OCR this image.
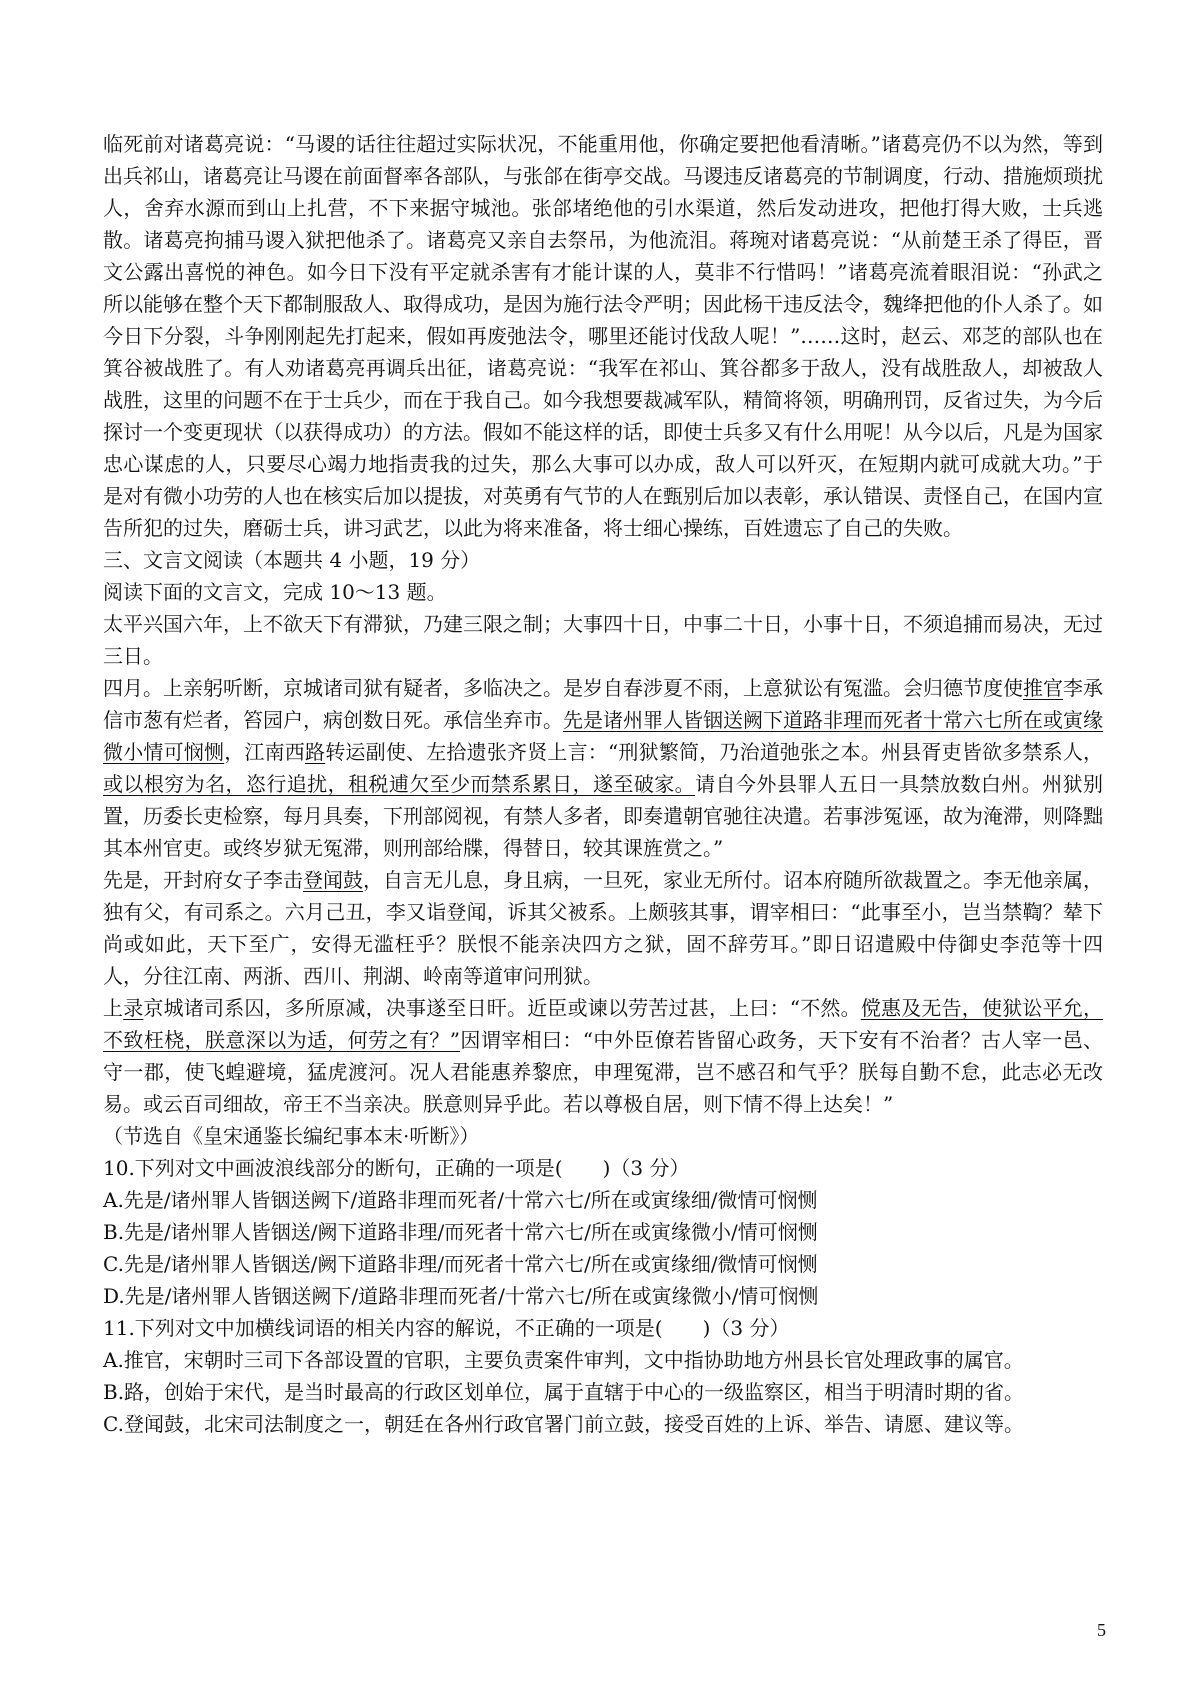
临死前对诸葛亮说：“马谡的话往往超过实际状况，不能重用他，你确定要把他看清晰。”诸葛亮仍不以为然，等到出兵祁山，诸葛亮让马谡在前面督率各部队，与张郃在街亭交战。马谡违反诸葛亮的节制调度，行动、措施烦琐扰人，舍弃水源而到山上扎营，不下来据守城池。张郃堵绝他的引水渠道，然后发动进攻，把他打得大败，士兵逃散。诸葛亮拘捕马谡入狱把他杀了。诸葛亮又亲自去祭吊，为他流泪。蒋琬对诸葛亮说：“从前楚王杀了得臣，晋文公露出喜悦的神色。如今日下没有平定就杀害有才能计谋的人，莫非不行惜吗！”诸葛亮流着眼泪说：“孙武之所以能够在整个天下都制服敌人、取得成功，是因为施行法令严明；因此杨干违反法令，魏绛把他的仆人杀了。如今日下分裂，斗争刚刚起先打起来，假如再废弛法令，哪里还能讨伐敌人呢！”……这时，赵云、邓芝的部队也在箕谷被战胜了。有人劝诸葛亮再调兵出征，诸葛亮说：“我军在祁山、箕谷都多于敌人，没有战胜敌人，却被敌人战胜，这里的问题不在于士兵少，而在于我自己。如今我想要裁减军队，精简将领，明确刑罚，反省过失，为今后探讨一个变更现状（以获得成功）的方法。假如不能这样的话，即使士兵多又有什么用呢！从今以后，凡是为国家忠心谋虑的人，只要尽心竭力地指责我的过失，那么大事可以办成，敌人可以歼灭，在短期内就可成就大功。”于是对有微小功劳的人也在核实后加以提拔，对英勇有气节的人在甄别后加以表彰，承认错误、责怪自己，在国内宣告所犯的过失，磨砺士兵，讲习武艺，以此为将来准备，将士细心操练，百姓遗忘了自己的失败。

三、文言文阅读（本题共 4 小题，19 分）

阅读下面的文言文，完成 10～13 题。

太平兴国六年，上不欲天下有滞狱，乃建三限之制；大事四十日，中事二十日，小事十日，不须追捕而易决，无过三日。

四月。上亲躬听断，京城诸司狱有疑者，多临决之。是岁自春涉夏不雨，上意狱讼有冤滥。会归德节度使推官李承信市葱有烂者，笞园户，病创数日死。承信坐弃市。先是诸州罪人皆铟送阙下道路非理而死者十常六七所在或寅缘微小情可悯恻，江南西路转运副使、左拾遗张齐贤上言：“刑狱繁简，乃治道弛张之本。州县胥吏皆欲多禁系人，或以根穷为名，恣行追扰，租税逋欠至少而禁系累日，遂至破家。请自今外县罪人五日一具禁放数白州。州狱别置，历委长吏检察，每月具奏，下刑部阅视，有禁人多者，即奏遣朝官驰往决遣。若事涉冤诬，故为淹滞，则降黜其本州官吏。或终岁狱无冤滞，则刑部给牒，得替日，较其课旌赏之。”

先是，开封府女子李击登闻鼓，自言无儿息，身且病，一旦死，家业无所付。诏本府随所欲裁置之。李无他亲属，独有父，有司系之。六月己丑，李又诣登闻，诉其父被系。上颇骇其事，谓宰相曰：“此事至小，岂当禁鞫？辇下尚或如此，天下至广，安得无滥枉乎？朕恨不能亲决四方之狱，固不辞劳耳。”即日诏遣殿中侍御史李范等十四人，分往江南、两浙、西川、荆湖、岭南等道审问刑狱。

上录京城诸司系囚，多所原减，决事遂至日旰。近臣或谏以劳苦过甚，上曰：“不然。傥惠及无告，使狱讼平允，不致枉桡，朕意深以为适，何劳之有？”因谓宰相曰：“中外臣僚若皆留心政务，天下安有不治者？古人宰一邑、守一郡，使飞蝗避境，猛虎渡河。况人君能惠养黎庶，申理冤滞，岂不感召和气乎？朕每自勤不怠，此志必无改易。或云百司细故，帝王不当亲决。朕意则异乎此。若以尊极自居，则下情不得上达矣！”

（节选自《皇宋通鉴长编纪事本末·听断》）

10.下列对文中画波浪线部分的断句，正确的一项是(　　)（3 分）

A.先是/诸州罪人皆铟送阙下/道路非理而死者/十常六七/所在或寅缘细/微情可悯恻

B.先是/诸州罪人皆铟送/阙下道路非理/而死者十常六七/所在或寅缘微小/情可悯恻

C.先是/诸州罪人皆铟送/阙下道路非理/而死者十常六七/所在或寅缘细/微情可悯恻

D.先是/诸州罪人皆铟送阙下/道路非理而死者/十常六七/所在或寅缘微小/情可悯恻

11.下列对文中加横线词语的相关内容的解说，不正确的一项是(　　)（3 分）

A.推官，宋朝时三司下各部设置的官职，主要负责案件审判，文中指协助地方州县长官处理政事的属官。

B.路，创始于宋代，是当时最高的行政区划单位，属于直辖于中心的一级监察区，相当于明清时期的省。

C.登闻鼓，北宋司法制度之一，朝廷在各州行政官署门前立鼓，接受百姓的上诉、举告、请愿、建议等。

5
